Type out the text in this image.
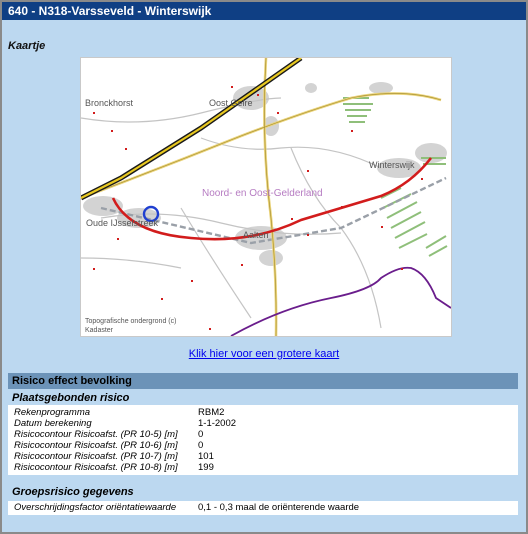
640 - N318-Varsseveld - Winterswijk
Kaartje
Bronckhorst	Oost Gelre
Winterswijk
Oude IJsselstreek
Aalten
Noord- en Oost-Gelderland
Topografische ondergrond (c)
Kadaster
Klik hier voor een grotere kaart
Risico effect bevolking
Plaatsgebonden risico
Rekenprogramma	RBM2
Datum berekening	1-1-2002
Risicocontour Risicoafst. (PR 10-5) [m] 0
Risicocontour Risicoafst. (PR 10-6) [m] 0
Risicocontour Risicoafst. (PR 10-7) [m] 101
Risicocontour Risicoafst. (PR 10-8) [m] 199
Groepsrisico gegevens
Overschrijdingsfactor oriëntatiewaarde 0,1 - 0,3 maal de oriënterende waarde
